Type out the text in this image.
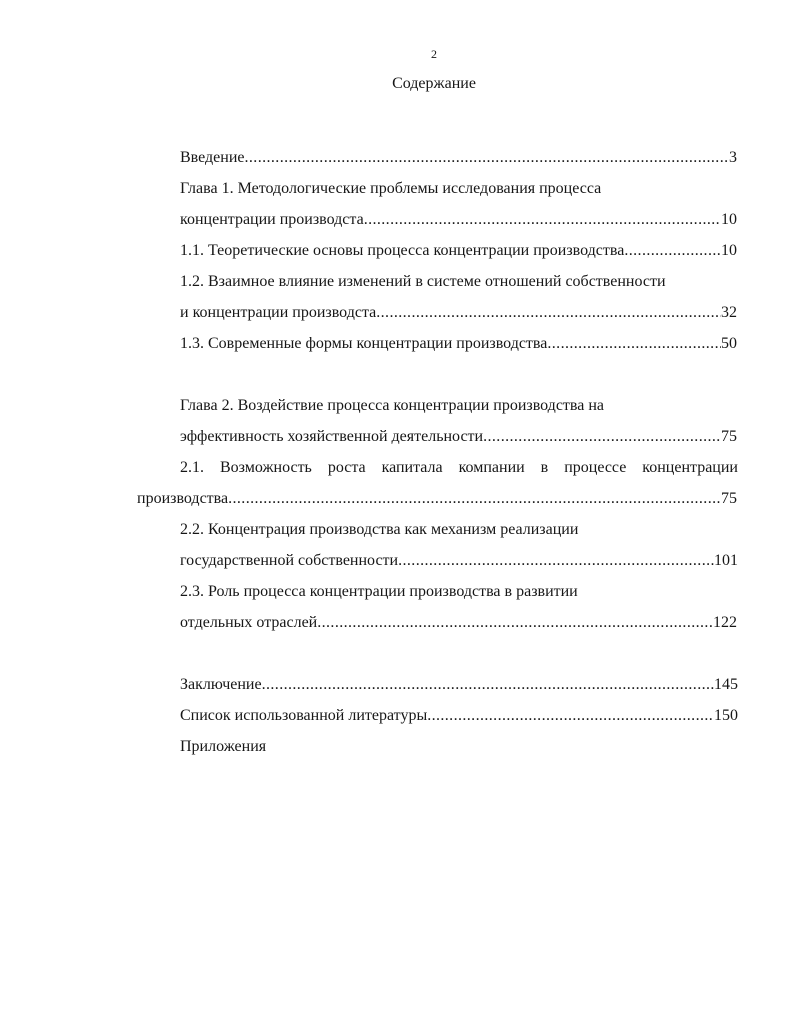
2
Содержание
Введение .....	3
Глава 1. Методологические проблемы исследования процесса
концентрации производста .....	10
1.1. Теоретические основы процесса концентрации производства .....	10
1.2. Взаимное влияние изменений в системе отношений собственности
и концентрации производста .....	32
1.3. Современные формы концентрации производства .....	50
Глава 2. Воздействие процесса концентрации производства на
эффективность хозяйственной деятельности .....	75
2.1. Возможность роста капитала компании в процессе концентрации
производства .....	75
2.2. Концентрация производства как механизм реализации
государственной собственности .....	101
2.3. Роль процесса концентрации производства в развитии
отдельных отраслей .....	122
Заключение .....	145
Список использованной литературы .....	150
Приложения
